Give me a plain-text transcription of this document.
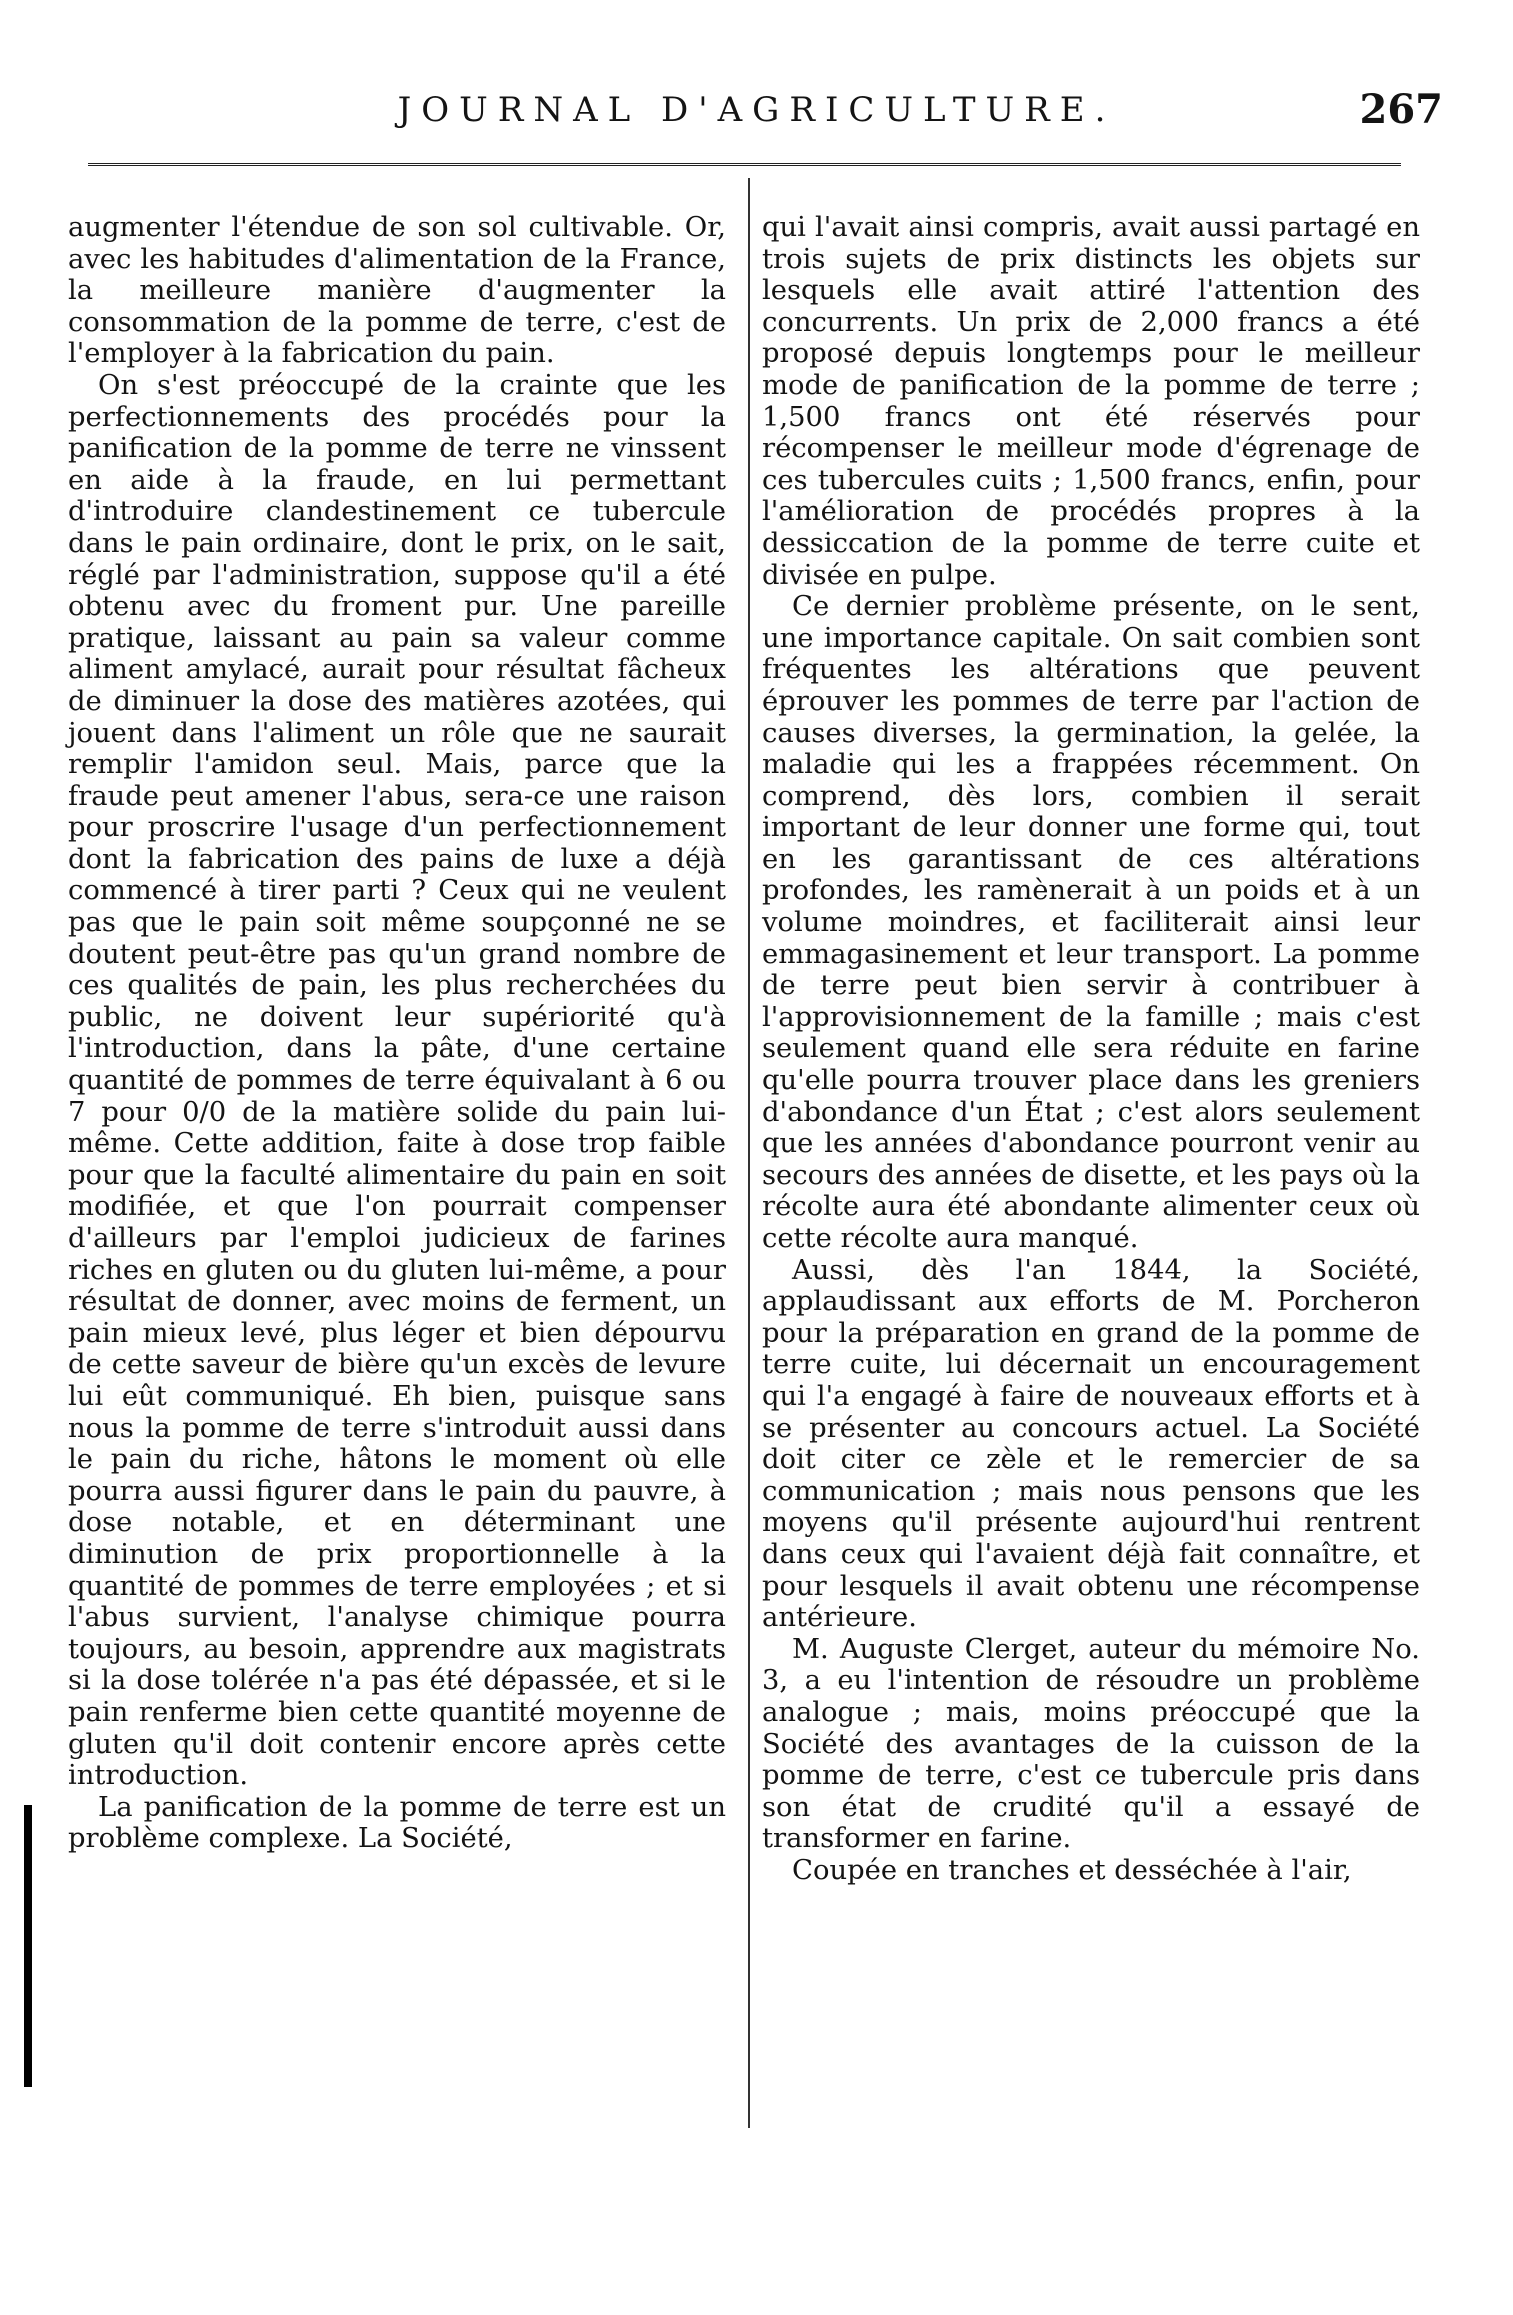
JOURNAL D'AGRICULTURE.	267

augmenter l'étendue de son sol cultivable. Or, avec les habitudes d'alimentation de la France, la meilleure manière d'augmenter la consommation de la pomme de terre, c'est de l'employer à la fabrication du pain.

On s'est préoccupé de la crainte que les perfectionnements des procédés pour la panification de la pomme de terre ne vinssent en aide à la fraude, en lui permettant d'introduire clandestinement ce tubercule dans le pain ordinaire, dont le prix, on le sait, réglé par l'administration, suppose qu'il a été obtenu avec du froment pur. Une pareille pratique, laissant au pain sa valeur comme aliment amylacé, aurait pour résultat fâcheux de diminuer la dose des matières azotées, qui jouent dans l'aliment un rôle que ne saurait remplir l'amidon seul. Mais, parce que la fraude peut amener l'abus, sera-ce une raison pour proscrire l'usage d'un perfectionnement dont la fabrication des pains de luxe a déjà commencé à tirer parti ? Ceux qui ne veulent pas que le pain soit même soupçonné ne se doutent peut-être pas qu'un grand nombre de ces qualités de pain, les plus recherchées du public, ne doivent leur supériorité qu'à l'introduction, dans la pâte, d'une certaine quantité de pommes de terre équivalant à 6 ou 7 pour 0/0 de la matière solide du pain lui-même. Cette addition, faite à dose trop faible pour que la faculté alimentaire du pain en soit modifiée, et que l'on pourrait compenser d'ailleurs par l'emploi judicieux de farines riches en gluten ou du gluten lui-même, a pour résultat de donner, avec moins de ferment, un pain mieux levé, plus léger et bien dépourvu de cette saveur de bière qu'un excès de levure lui eût communiqué. Eh bien, puisque sans nous la pomme de terre s'introduit aussi dans le pain du riche, hâtons le moment où elle pourra aussi figurer dans le pain du pauvre, à dose notable, et en déterminant une diminution de prix proportionnelle à la quantité de pommes de terre employées ; et si l'abus survient, l'analyse chimique pourra toujours, au besoin, apprendre aux magistrats si la dose tolérée n'a pas été dépassée, et si le pain renferme bien cette quantité moyenne de gluten qu'il doit contenir encore après cette introduction.

La panification de la pomme de terre est un problème complexe. La Société,

qui l'avait ainsi compris, avait aussi partagé en trois sujets de prix distincts les objets sur lesquels elle avait attiré l'attention des concurrents. Un prix de 2,000 francs a été proposé depuis longtemps pour le meilleur mode de panification de la pomme de terre ; 1,500 francs ont été réservés pour récompenser le meilleur mode d'égrenage de ces tubercules cuits ; 1,500 francs, enfin, pour l'amélioration de procédés propres à la dessiccation de la pomme de terre cuite et divisée en pulpe.

Ce dernier problème présente, on le sent, une importance capitale. On sait combien sont fréquentes les altérations que peuvent éprouver les pommes de terre par l'action de causes diverses, la germination, la gelée, la maladie qui les a frappées récemment. On comprend, dès lors, combien il serait important de leur donner une forme qui, tout en les garantissant de ces altérations profondes, les ramènerait à un poids et à un volume moindres, et faciliterait ainsi leur emmagasinement et leur transport. La pomme de terre peut bien servir à contribuer à l'approvisionnement de la famille ; mais c'est seulement quand elle sera réduite en farine qu'elle pourra trouver place dans les greniers d'abondance d'un État ; c'est alors seulement que les années d'abondance pourront venir au secours des années de disette, et les pays où la récolte aura été abondante alimenter ceux où cette récolte aura manqué.

Aussi, dès l'an 1844, la Société, applaudissant aux efforts de M. Porcheron pour la préparation en grand de la pomme de terre cuite, lui décernait un encouragement qui l'a engagé à faire de nouveaux efforts et à se présenter au concours actuel. La Société doit citer ce zèle et le remercier de sa communication ; mais nous pensons que les moyens qu'il présente aujourd'hui rentrent dans ceux qui l'avaient déjà fait connaître, et pour lesquels il avait obtenu une récompense antérieure.

M. Auguste Clerget, auteur du mémoire No. 3, a eu l'intention de résoudre un problème analogue ; mais, moins préoccupé que la Société des avantages de la cuisson de la pomme de terre, c'est ce tubercule pris dans son état de crudité qu'il a essayé de transformer en farine.

Coupée en tranches et desséchée à l'air,
